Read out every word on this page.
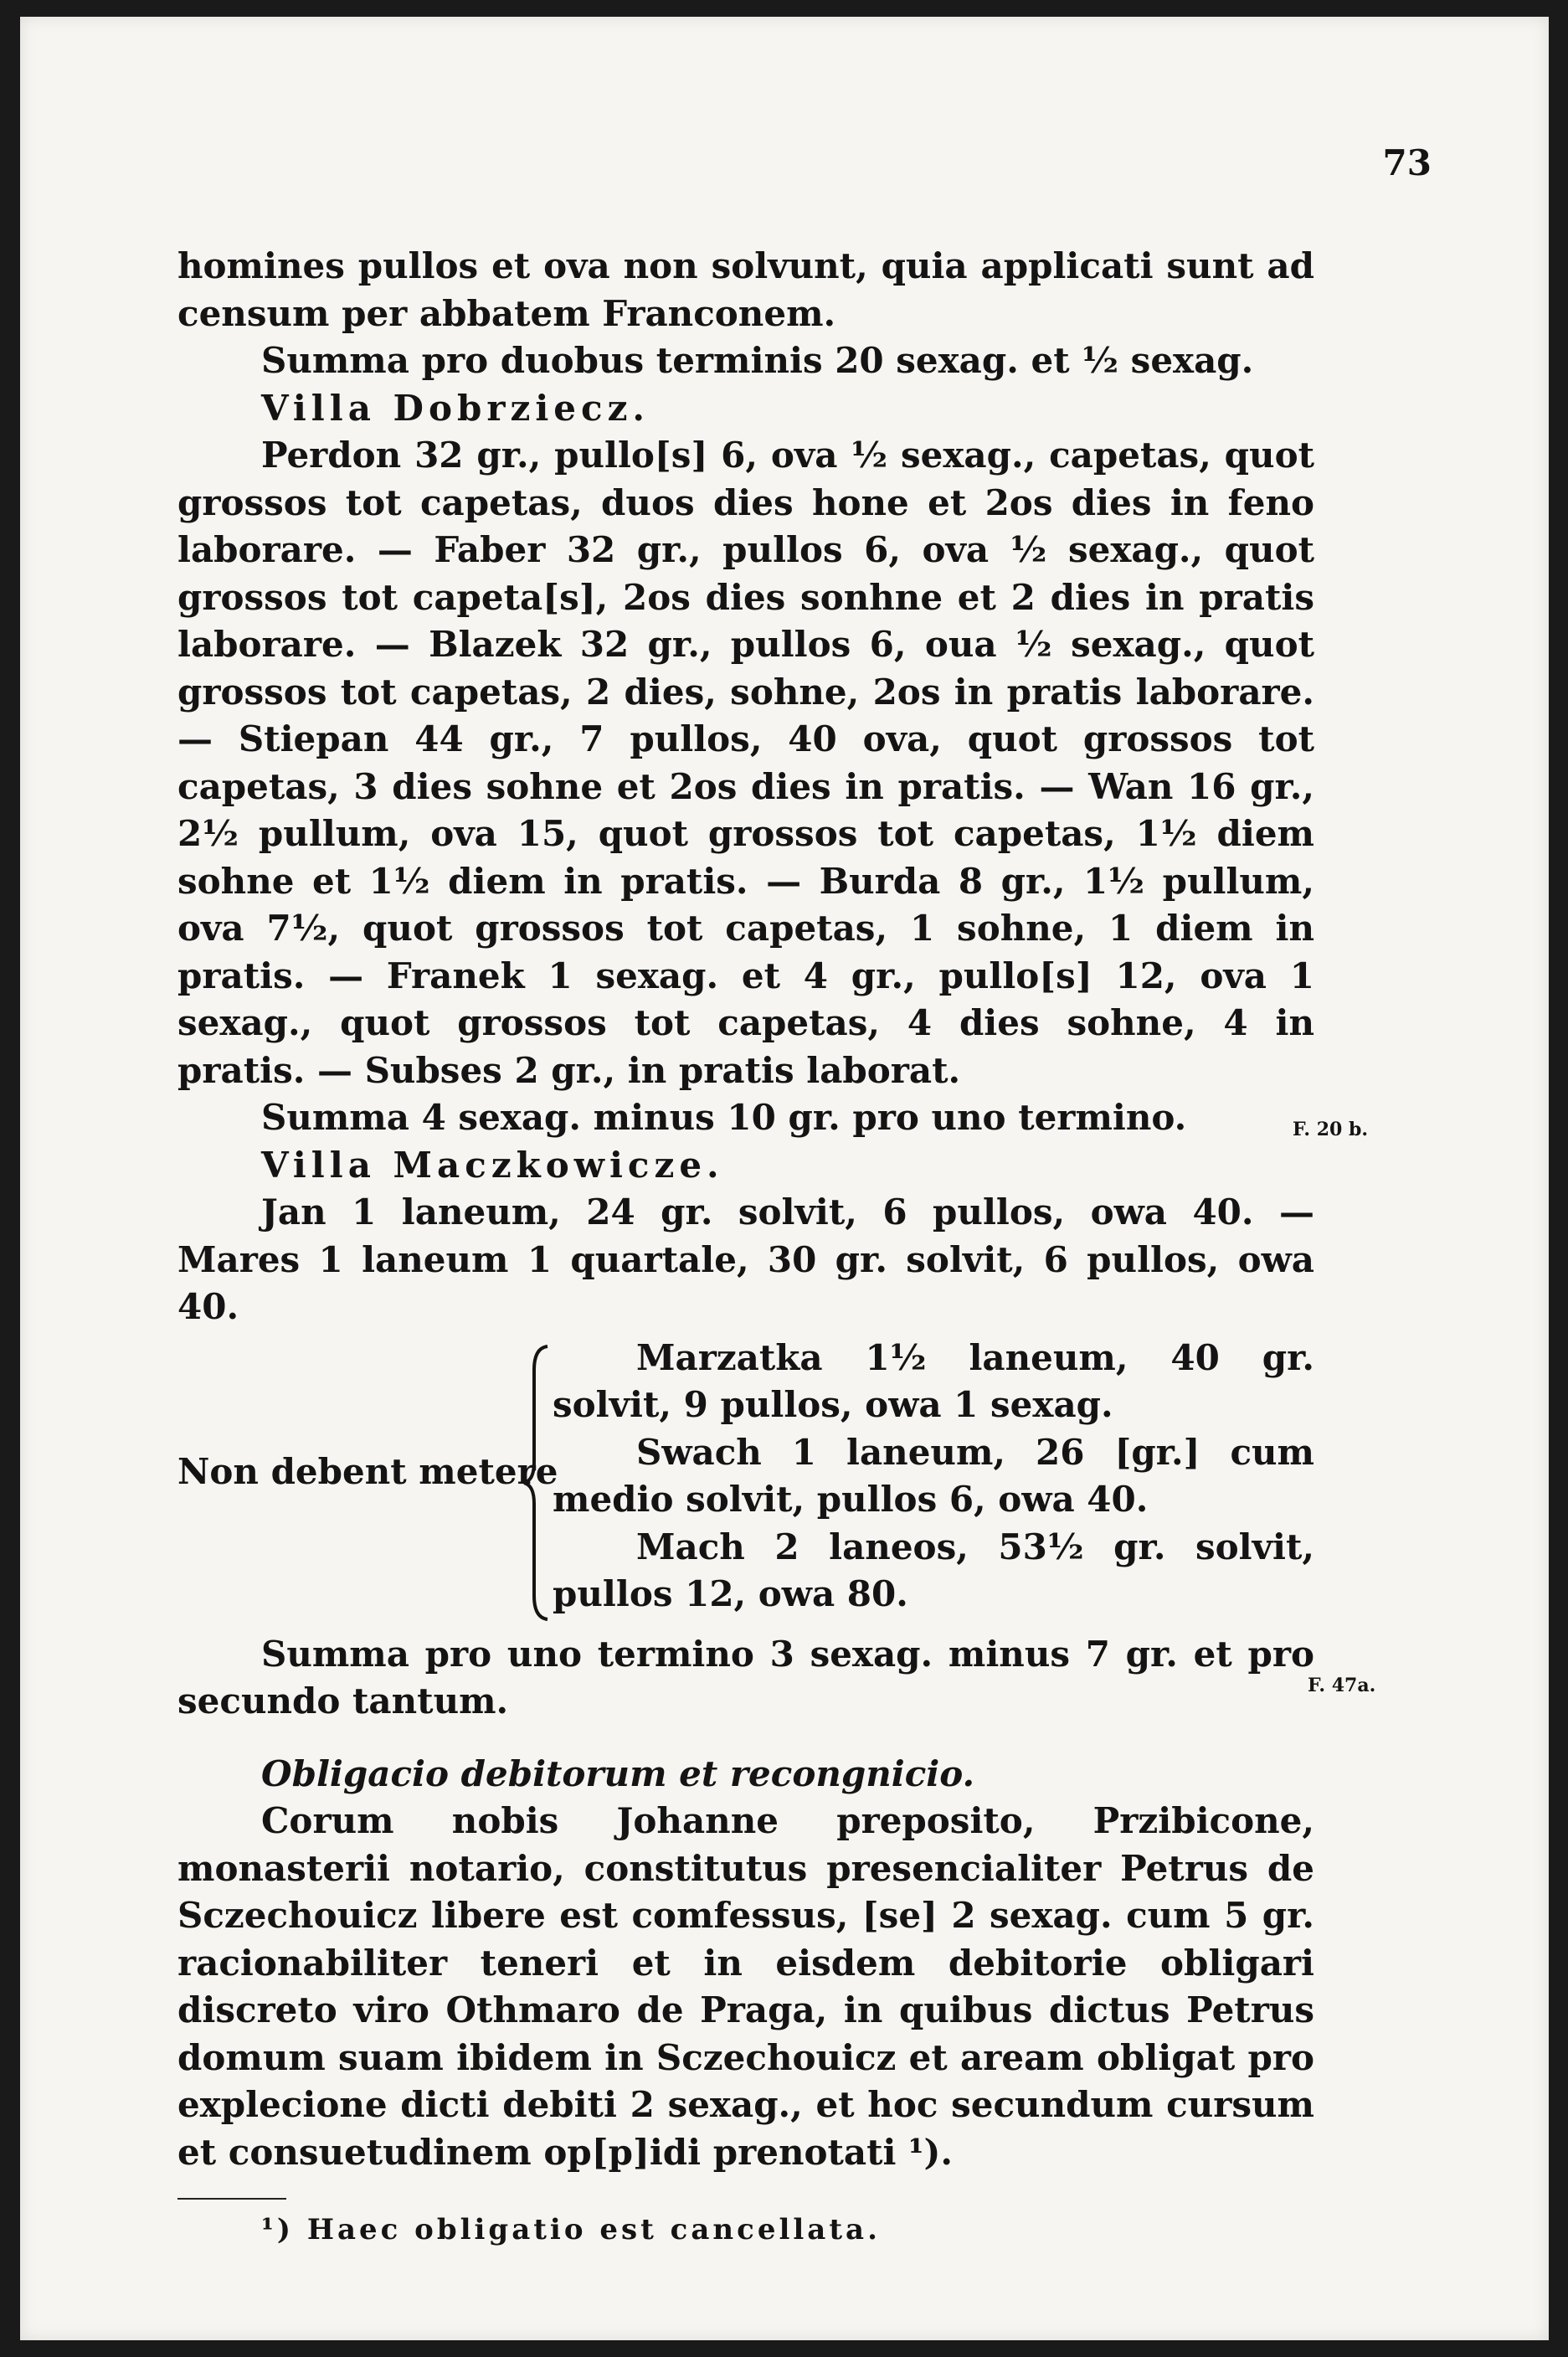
73
F. 20 b.
F. 47a.

homines pullos et ova non solvunt, quia applicati sunt ad censum per abbatem Franconem.

Summa pro duobus terminis 20 sexag. et ½ sexag.

Villa Dobrziecz.

Perdon 32 gr., pullo[s] 6, ova ½ sexag., capetas, quot grossos tot capetas, duos dies hone et 2os dies in feno laborare. — Faber 32 gr., pullos 6, ova ½ sexag., quot grossos tot capeta[s], 2os dies sonhne et 2 dies in pratis laborare. — Blazek 32 gr., pullos 6, oua ½ sexag., quot grossos tot capetas, 2 dies, sohne, 2os in pratis laborare. — Stiepan 44 gr., 7 pullos, 40 ova, quot grossos tot capetas, 3 dies sohne et 2os dies in pratis. — Wan 16 gr., 2½ pullum, ova 15, quot grossos tot capetas, 1½ diem sohne et 1½ diem in pratis. — Burda 8 gr., 1½ pullum, ova 7½, quot grossos tot capetas, 1 sohne, 1 diem in pratis. — Franek 1 sexag. et 4 gr., pullo[s] 12, ova 1 sexag., quot grossos tot capetas, 4 dies sohne, 4 in pratis. — Subses 2 gr., in pratis laborat.

Summa 4 sexag. minus 10 gr. pro uno termino.

Villa Maczkowicze.

Jan 1 laneum, 24 gr. solvit, 6 pullos, owa 40. — Mares 1 laneum 1 quartale, 30 gr. solvit, 6 pullos, owa 40.

Non debent metere

Marzatka 1½ laneum, 40 gr. solvit, 9 pullos, owa 1 sexag.

Swach 1 laneum, 26 [gr.] cum medio solvit, pullos 6, owa 40.

Mach 2 laneos, 53½ gr. solvit, pullos 12, owa 80.

Summa pro uno termino 3 sexag. minus 7 gr. et pro secundo tantum.

Obligacio debitorum et recongnicio.

Corum nobis Johanne preposito, Przibicone, monasterii notario, constitutus presencialiter Petrus de Sczechouicz libere est comfessus, [se] 2 sexag. cum 5 gr. racionabiliter teneri et in eisdem debitorie obligari discreto viro Othmaro de Praga, in quibus dictus Petrus domum suam ibidem in Sczechouicz et aream obligat pro explecione dicti debiti 2 sexag., et hoc secundum cursum et consuetudinem op[p]idi prenotati ¹).

¹) Haec obligatio est cancellata.
